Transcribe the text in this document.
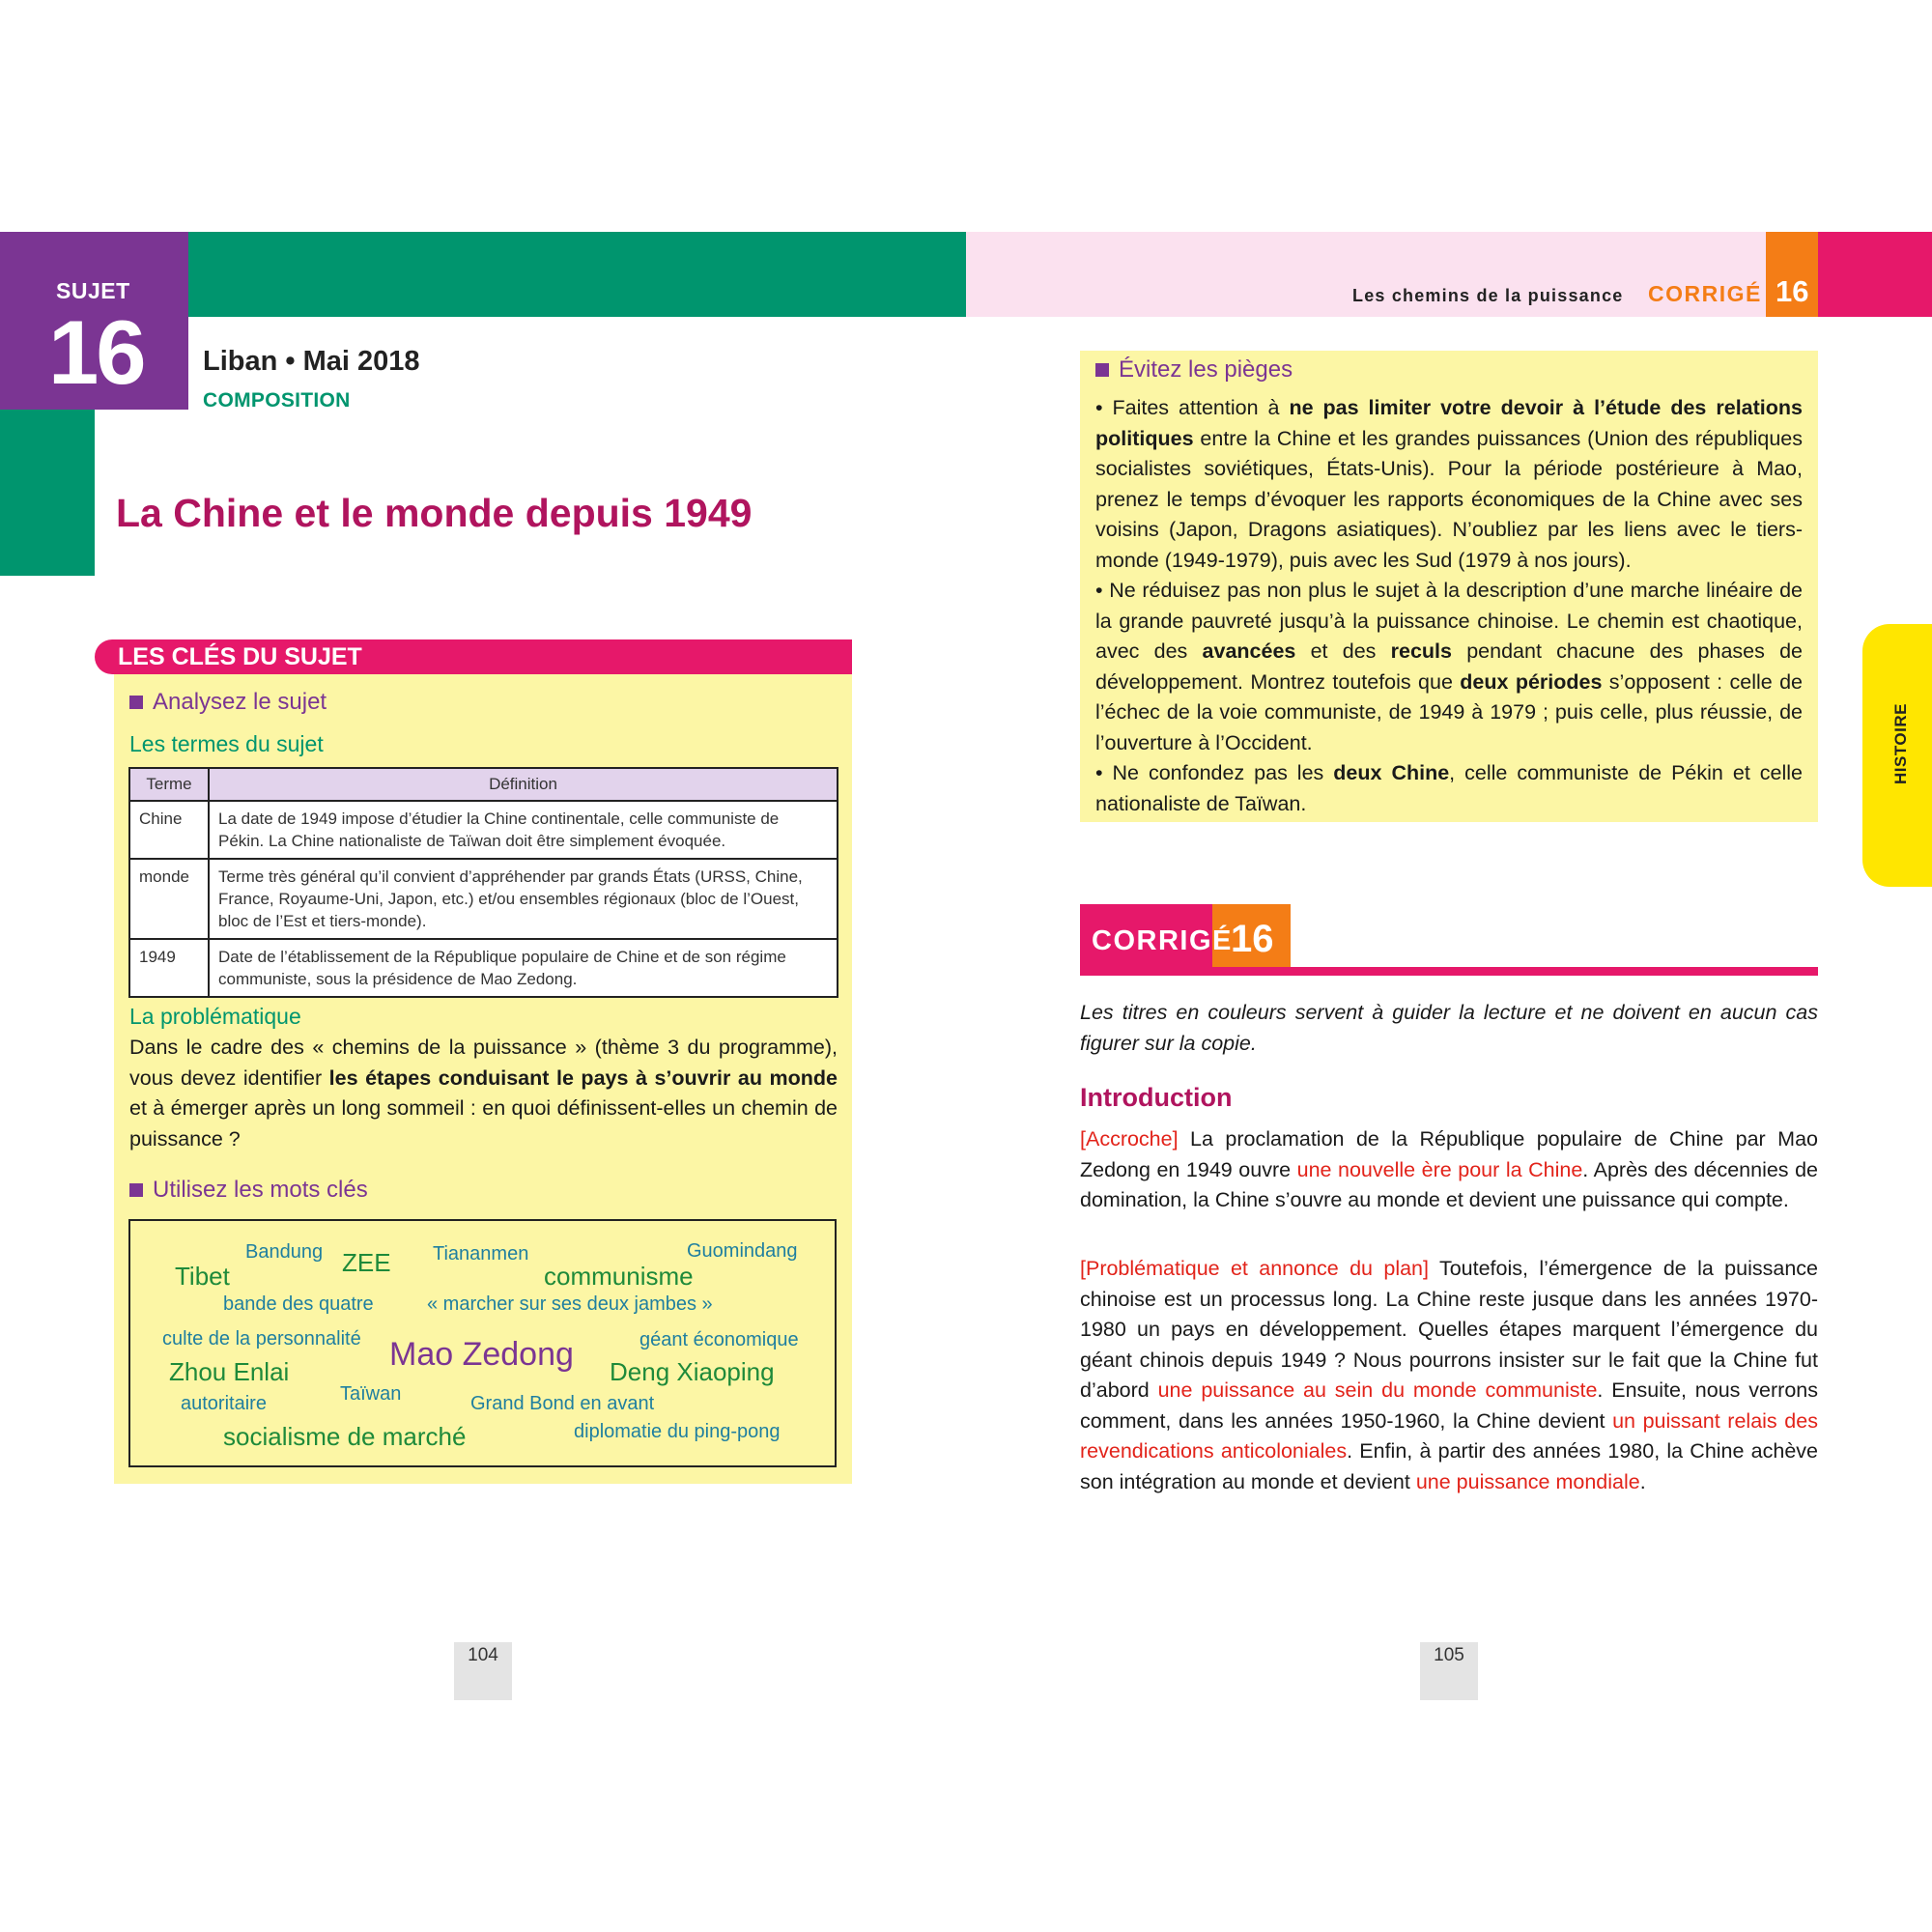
SUJET
16 Liban • Mai 2018
COMPOSITION
La Chine et le monde depuis 1949
LES CLÉS DU SUJET
Analysez le sujet
Les termes du sujet
Terme	Définition
Chine	La date de 1949 impose d’étudier la Chine continentale, celle communiste de Pékin. La Chine nationaliste de Taïwan doit être simplement évoquée.
monde	Terme très général qu’il convient d’appréhender par grands États (URSS, Chine, France, Royaume-Uni, Japon, etc.) et/ou ensembles régionaux (bloc de l’Ouest, bloc de l’Est et tiers-monde).
1949	Date de l’établissement de la République populaire de Chine et de son régime communiste, sous la présidence de Mao Zedong.
La problématique
Dans le cadre des « chemins de la puissance » (thème 3 du programme), vous devez identifier les étapes conduisant le pays à s’ouvrir au monde et à émerger après un long sommeil : en quoi définissent-elles un chemin de puissance ?
Utilisez les mots clés
Bandung ZEE Tiananmen	Guomindang
Tibet	communisme
bande des quatre	« marcher sur ses deux jambes »
culte de la personnalité	géant économique
Mao Zedong
Zhou Enlai	Deng Xiaoping
autoritaire	Taïwan	Grand Bond en avant
socialisme de marché	diplomatie du ping-pong
104
Les chemins de la puissance CORRIGÉ 16
Évitez les pièges
• Faites attention à ne pas limiter votre devoir à l’étude des relations politiques entre la Chine et les grandes puissances (Union des républiques socialistes soviétiques, États-Unis). Pour la période postérieure à Mao, prenez le temps d’évoquer les rapports économiques de la Chine avec ses voisins (Japon, Dragons asiatiques). N’oubliez par les liens avec le tiers-monde (1949-1979), puis avec les Sud (1979 à nos jours).
• Ne réduisez pas non plus le sujet à la description d’une marche linéaire de la grande pauvreté jusqu’à la puissance chinoise. Le chemin est chaotique, avec des avancées et des reculs pendant chacune des phases de développement. Montrez toutefois que deux périodes s’opposent : celle de l’échec de la voie communiste, de 1949 à 1979 ; puis celle, plus réussie, de l’ouverture à l’Occident.
• Ne confondez pas les deux Chine, celle communiste de Pékin et celle nationaliste de Taïwan.
CORRIGÉ
16
Les titres en couleurs servent à guider la lecture et ne doivent en aucun cas figurer sur la copie.
Introduction
[Accroche] La proclamation de la République populaire de Chine par Mao Zedong en 1949 ouvre une nouvelle ère pour la Chine. Après des décennies de domination, la Chine s’ouvre au monde et devient une puissance qui compte.
[Problématique et annonce du plan] Toutefois, l’émergence de la puissance chinoise est un processus long. La Chine reste jusque dans les années 1970-1980 un pays en développement. Quelles étapes marquent l’émergence du géant chinois depuis 1949 ? Nous pourrons insister sur le fait que la Chine fut d’abord une puissance au sein du monde communiste. Ensuite, nous verrons comment, dans les années 1950-1960, la Chine devient un puissant relais des revendications anticoloniales. Enfin, à partir des années 1980, la Chine achève son intégration au monde et devient une puissance mondiale.
105
